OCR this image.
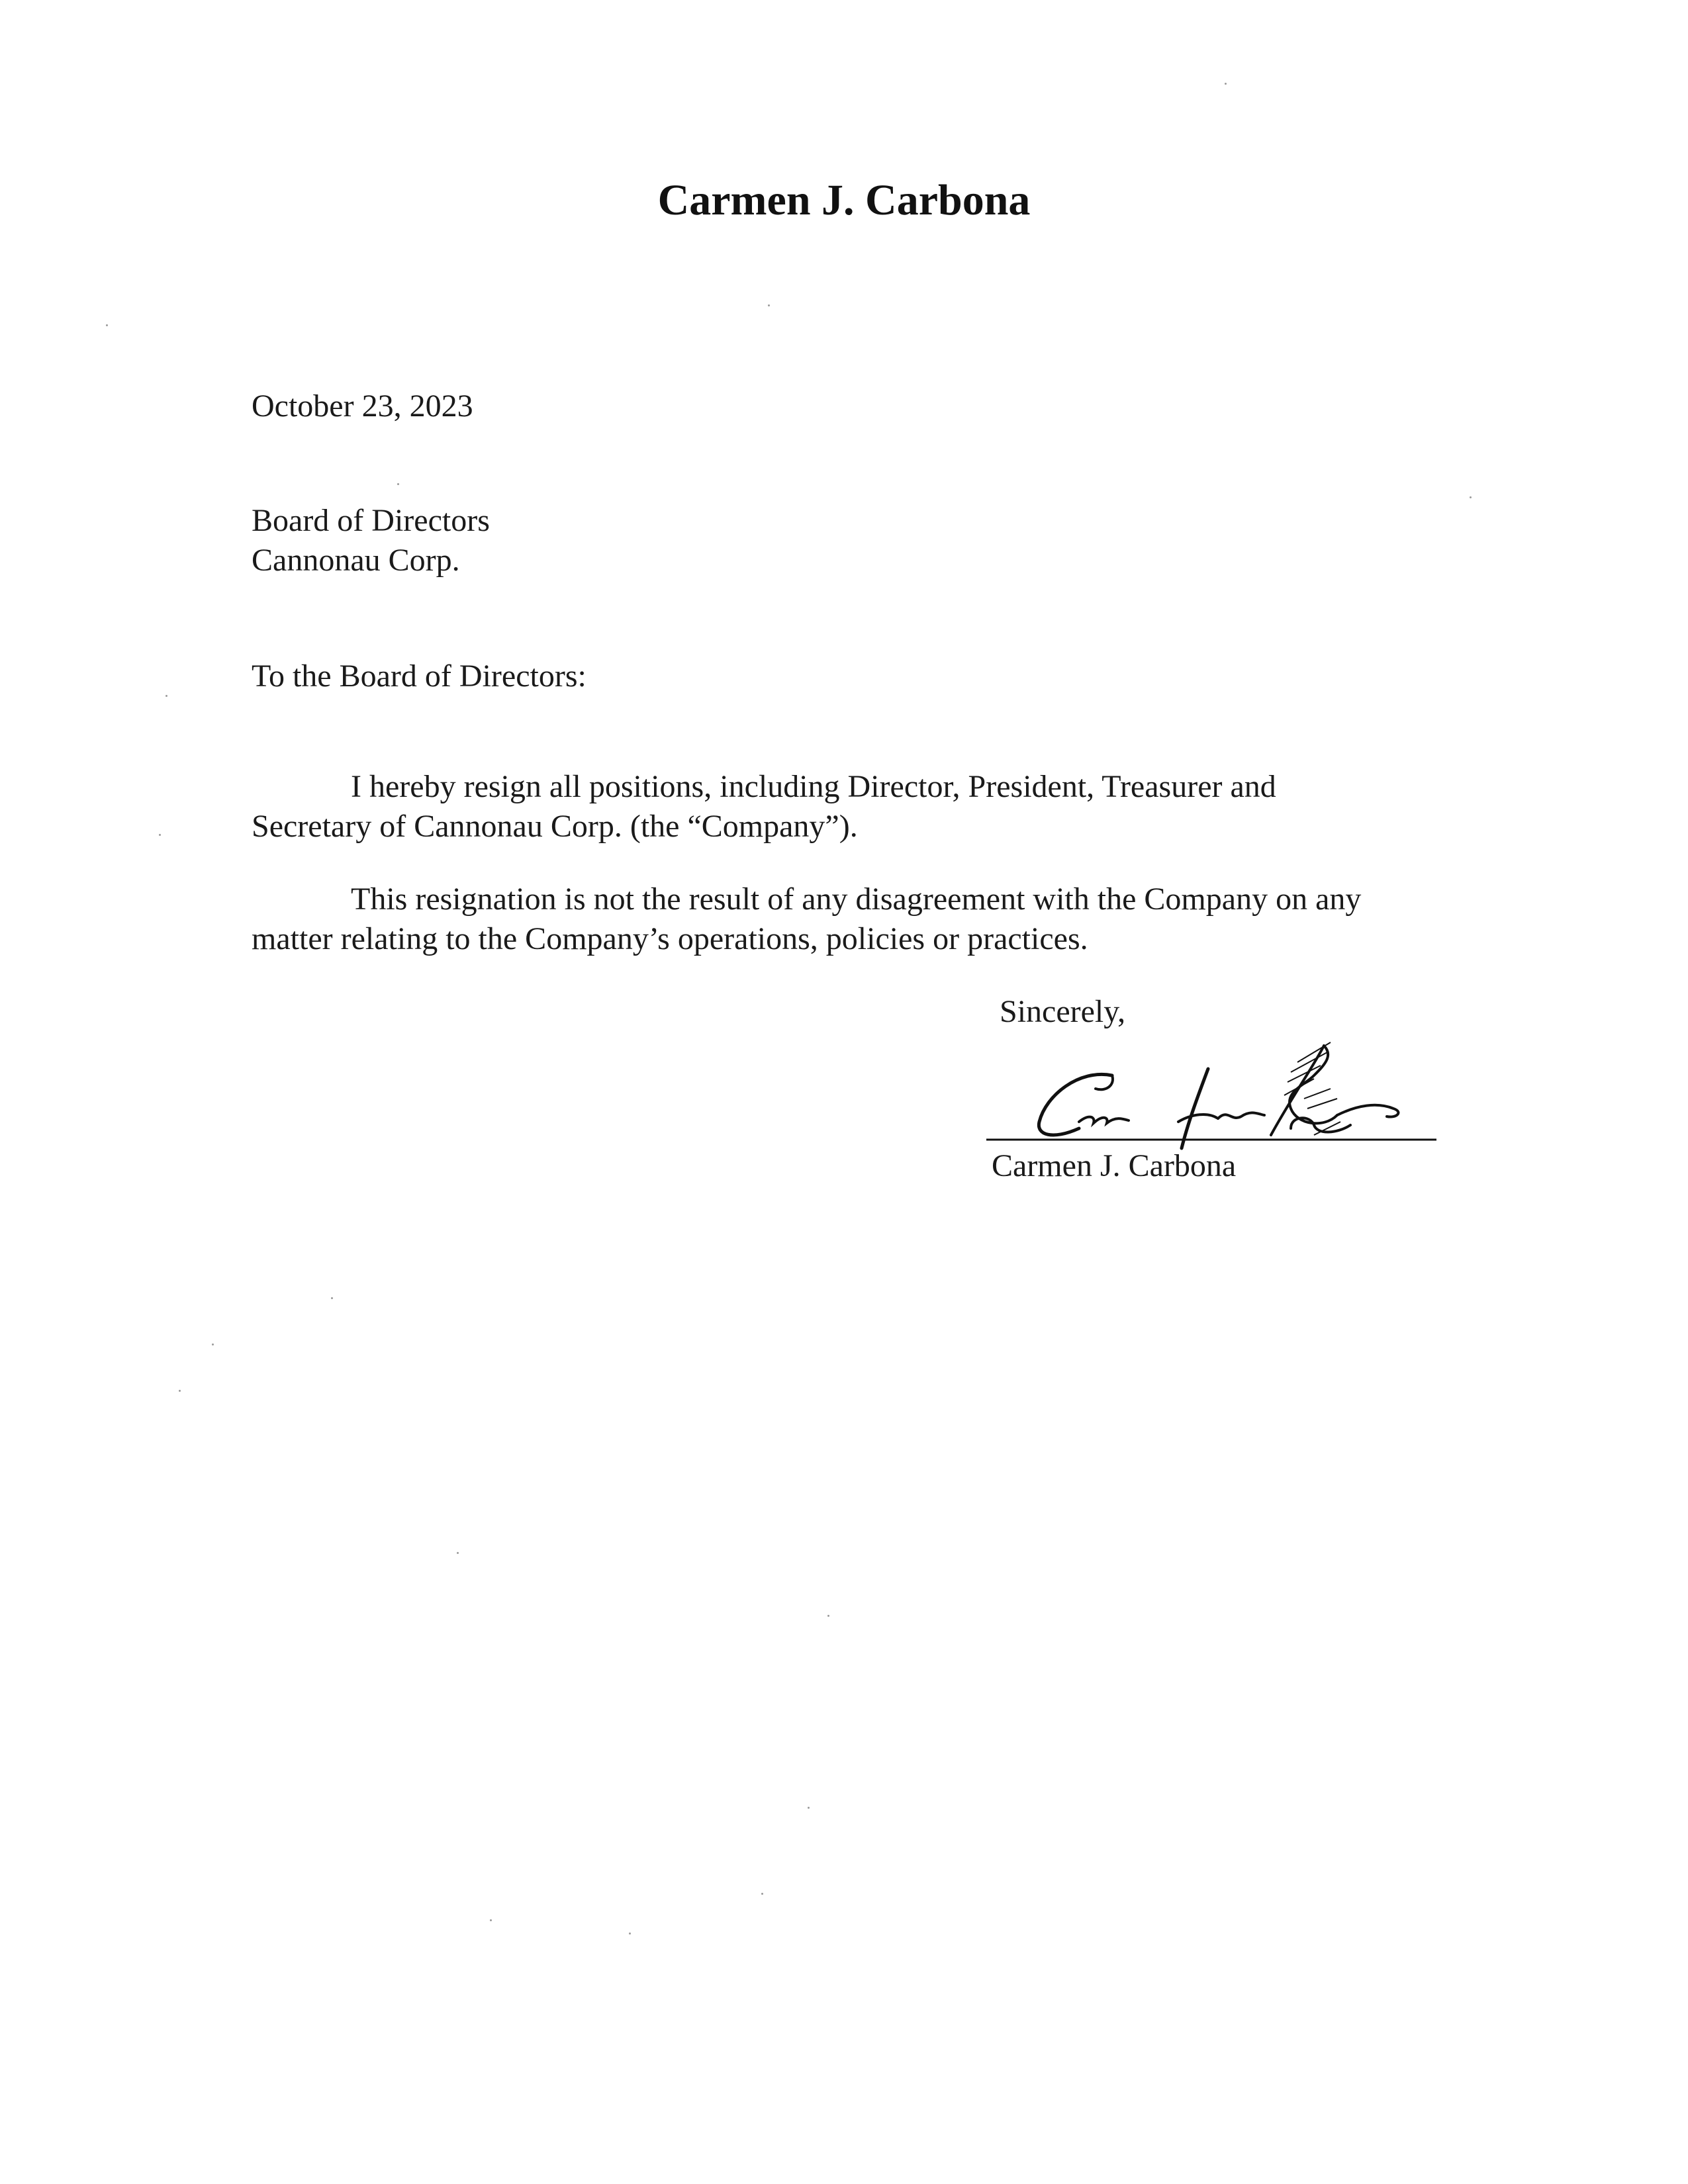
Carmen J. Carbona
October 23, 2023
Board of Directors
Cannonau Corp.
To the Board of Directors:
I hereby resign all positions, including Director, President, Treasurer and
Secretary of Cannonau Corp. (the “Company”).
This resignation is not the result of any disagreement with the Company on any
matter relating to the Company’s operations, policies or practices.
Sincerely,
Carmen J. Carbona
